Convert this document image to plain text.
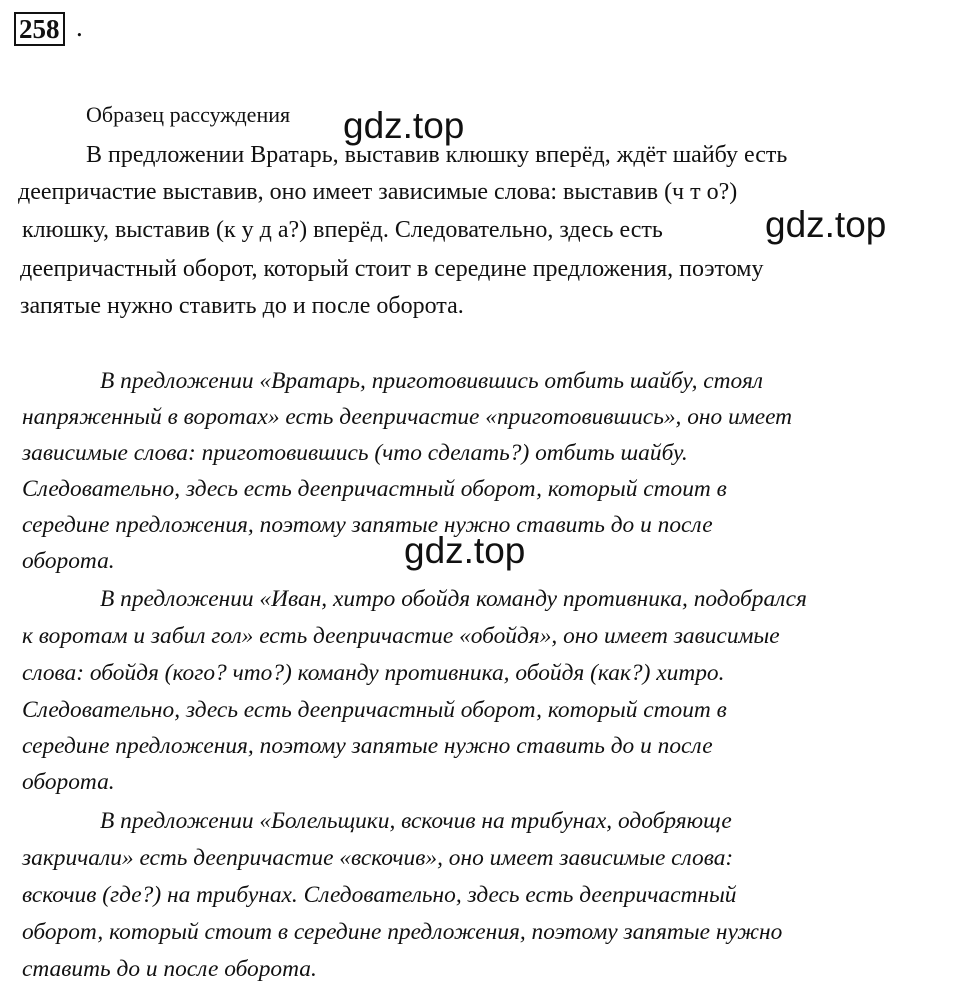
258 .
Образец рассуждения
В предложении Вратарь, выставив клюшку вперёд, ждёт шайбу есть
деепричастие выставив, оно имеет зависимые слова: выставив (ч т о?)
клюшку, выставив (к у д а?) вперёд. Следовательно, здесь есть
деепричастный оборот, который стоит в середине предложения, поэтому
запятые нужно ставить до и после оборота.
В предложении «Вратарь, приготовившись отбить шайбу, стоял
напряженный в воротах» есть деепричастие «приготовившись», оно имеет
зависимые слова: приготовившись (что сделать?) отбить шайбу.
Следовательно, здесь есть деепричастный оборот, который стоит в
середине предложения, поэтому запятые нужно ставить до и после
оборота.
В предложении «Иван, хитро обойдя команду противника, подобрался
к воротам и забил гол» есть деепричастие «обойдя», оно имеет зависимые
слова: обойдя (кого? что?) команду противника, обойдя (как?) хитро.
Следовательно, здесь есть деепричастный оборот, который стоит в
середине предложения, поэтому запятые нужно ставить до и после
оборота.
В предложении «Болельщики, вскочив на трибунах, одобряюще
закричали» есть деепричастие «вскочив», оно имеет зависимые слова:
вскочив (где?) на трибунах. Следовательно, здесь есть деепричастный
оборот, который стоит в середине предложения, поэтому запятые нужно
ставить до и после оборота.
gdz.top
gdz.top
gdz.top
